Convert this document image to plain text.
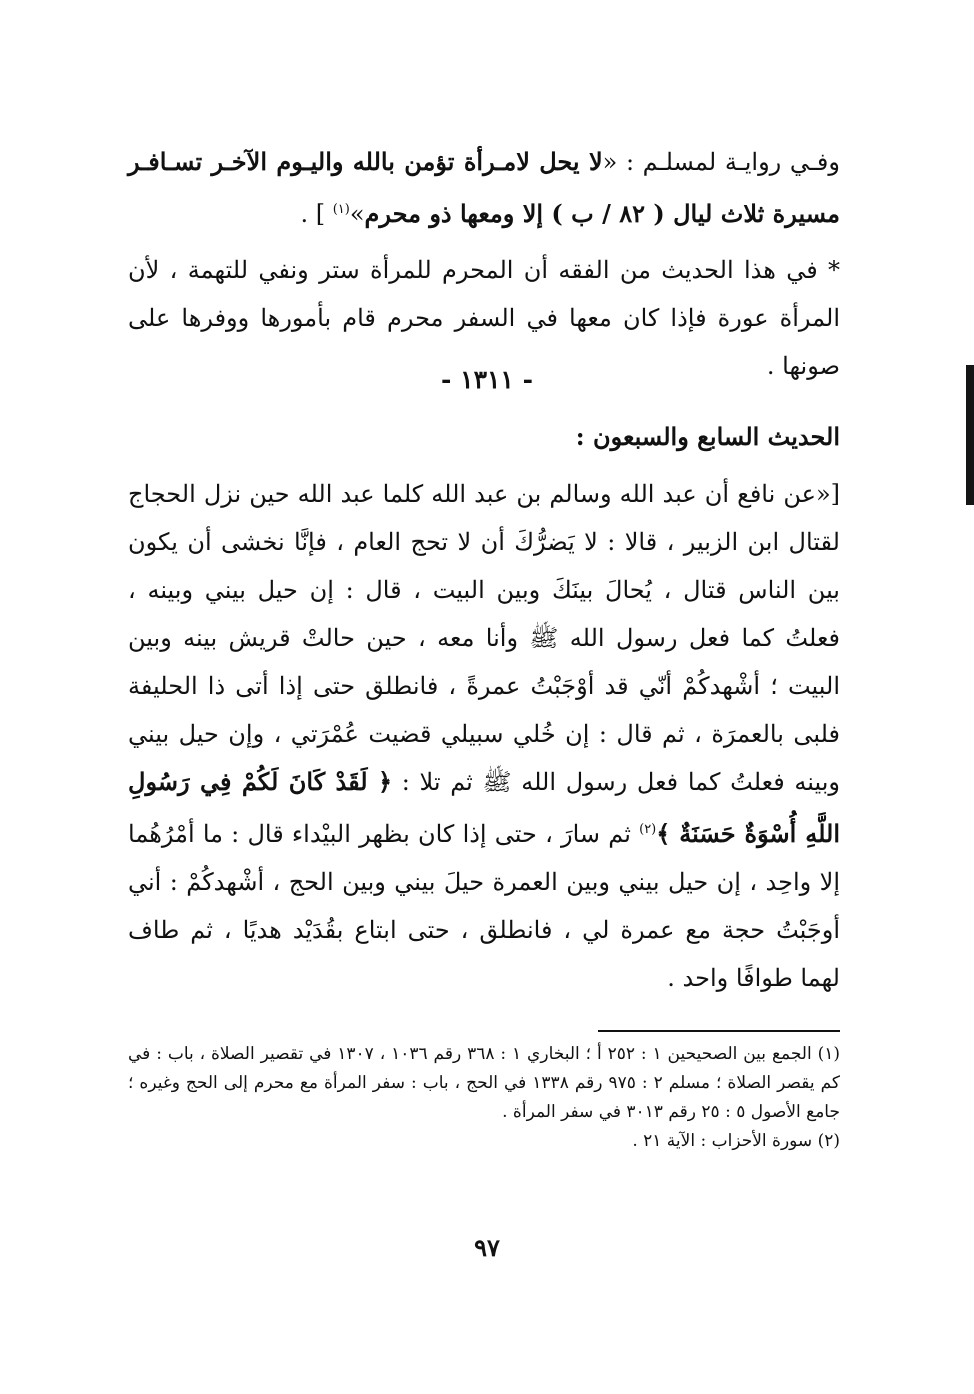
وفـي روايـة لمسلـم : «لا يحل لامـرأة تؤمن بالله واليـوم الآخـر تسـافـر مسيرة ثلاث ليال ( ٨٢ / ب ) إلا ومعها ذو محرم»$^{(١)}$ ] .

* في هذا الحديث من الفقه أن المحرم للمرأة ستر ونفي للتهمة ، لأن المرأة عورة فإذا كان معها في السفر محرم قام بأمورها ووفرها على صونها .

- ١٣١١ -
الحديث السابع والسبعون :

[«عن نافع أن عبد الله وسالم بن عبد الله كلما عبد الله حين نزل الحجاج لقتال ابن الزبير ، قالا : لا يَضرُّكَ أن لا تحج العام ، فإنَّا نخشى أن يكون بين الناس قتال ، يُحالَ بينَكَ وبين البيت ، قال : إن حيل بيني وبينه ، فعلتُ كما فعل رسول الله ﷺ وأنا معه ، حين حالتْ قريش بينه وبين البيت ؛ أشْهدكُمْ أنّي قد أوْجَبْتُ عمرةً ، فانطلق حتى إذا أتى ذا الحليفة فلبى بالعمرَة ، ثم قال : إن خُلي سبيلي قضيت عُمْرَتي ، وإن حيل بيني وبينه فعلتُ كما فعل رسول الله ﷺ ثم تلا : ﴿ لَقَدْ كَانَ لَكُمْ فِي رَسُولِ اللَّهِ أُسْوَةٌ حَسَنَةٌ ﴾$^{(٢)}$ ثم سارَ ، حتى إذا كان بظهر البيْداء قال : ما أمْرُهُما إلا واحِد ، إن حيل بيني وبين العمرة حيلَ بيني وبين الحج ، أشْهدكُمْ : أني أوجَبْتُ حجة مع عمرة لي ، فانطلق ، حتى ابتاع بقُدَيْد هديًا ، ثم طاف لهما طوافًا واحد .

(١) الجمع بين الصحيحين ١ : ٢٥٢ أ ؛ البخاري ١ : ٣٦٨ رقم ١٠٣٦ ، ١٣٠٧ في تقصير الصلاة ، باب : في كم يقصر الصلاة ؛ مسلم ٢ : ٩٧٥ رقم ١٣٣٨ في الحج ، باب : سفر المرأة مع محرم إلى الحج وغيره ؛ جامع الأصول ٥ : ٢٥ رقم ٣٠١٣ في سفر المرأة .

(٢) سورة الأحزاب : الآية ٢١ .

٩٧
